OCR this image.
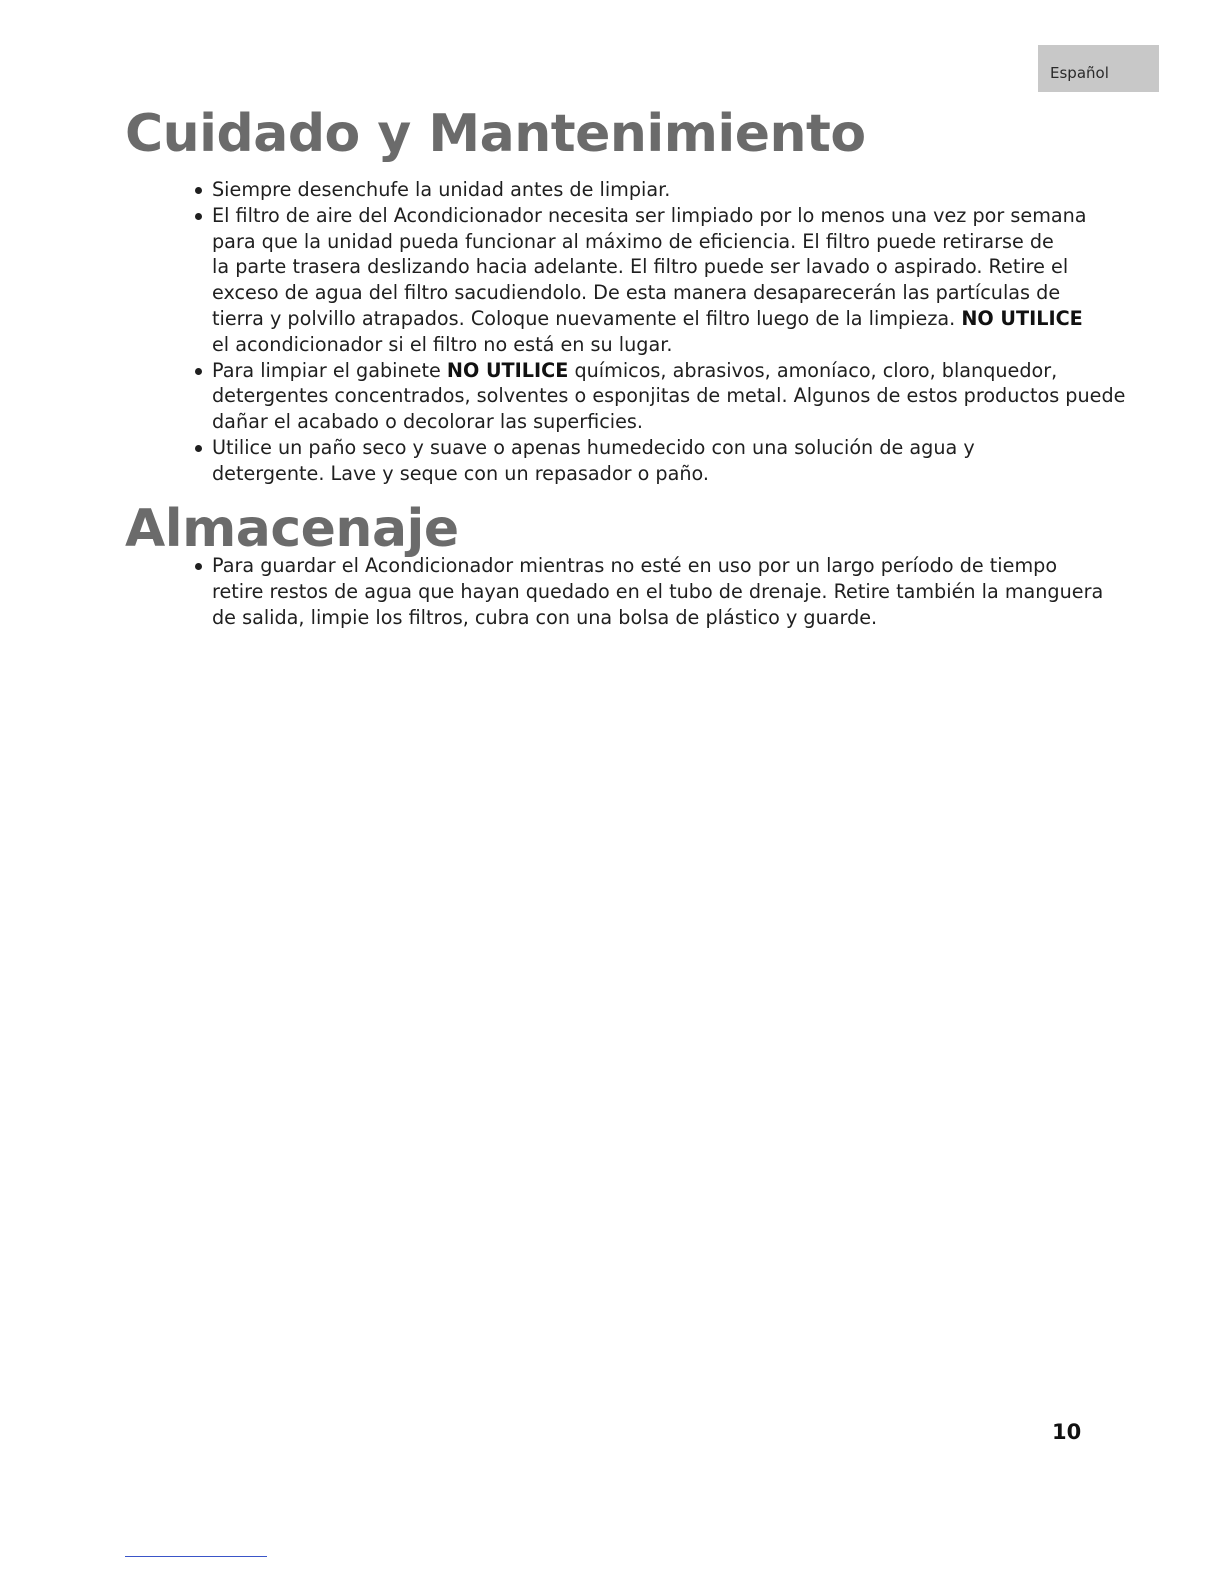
Español
Cuidado y Mantenimiento
Siempre desenchufe la unidad antes de limpiar.
El filtro de aire del Acondicionador necesita ser limpiado por lo menos una vez por semana
para que la unidad pueda funcionar al máximo de eficiencia. El filtro puede retirarse de
la parte trasera deslizando hacia adelante. El filtro puede ser lavado o aspirado. Retire el
exceso de agua del filtro sacudiendolo. De esta manera desaparecerán las partículas de
tierra y polvillo atrapados. Coloque nuevamente el filtro luego de la limpieza. NO UTILICE
el acondicionador si el filtro no está en su lugar.
Para limpiar el gabinete NO UTILICE químicos, abrasivos, amoníaco, cloro, blanquedor,
detergentes concentrados, solventes o esponjitas de metal. Algunos de estos productos puede
dañar el acabado o decolorar las superficies.
Utilice un paño seco y suave o apenas humedecido con una solución de agua y
detergente. Lave y seque con un repasador o paño.
Almacenaje
Para guardar el Acondicionador mientras no esté en uso por un largo período de tiempo
retire restos de agua que hayan quedado en el tubo de drenaje. Retire también la manguera
de salida, limpie los filtros, cubra con una bolsa de plástico y guarde.
10
